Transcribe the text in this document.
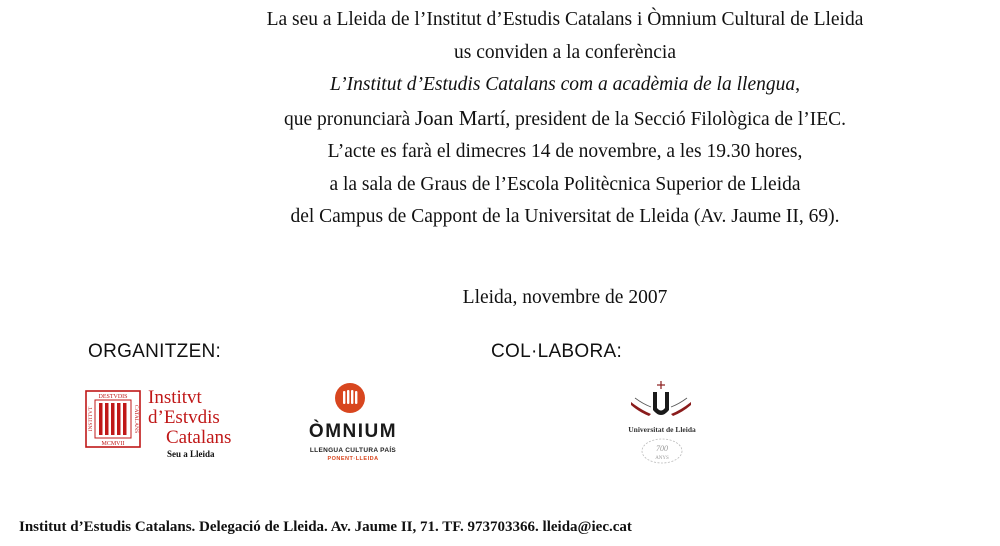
La seu a Lleida de l’Institut d’Estudis Catalans i Òmnium Cultural de Lleida

us conviden a la conferència

L’Institut d’Estudis Catalans com a acadèmia de la llengua,

que pronunciarà Joan Martí, president de la Secció Filològica de l’IEC.

L’acte es farà el dimecres 14 de novembre, a les 19.30 hores,

a la sala de Graus de l’Escola Politècnica Superior de Lleida

del Campus de Cappont de la Universitat de Lleida (Av. Jaume II, 69).

Lleida, novembre de 2007
ORGANITZEN:	COL·LABORA:
DESTVDIS
MCMVII
INSTITVT	CATALANS
Institvt
d’Estvdis
Catalans
Seu a Lleida
ÒMNIUM
LLENGUA CULTURA PAÍS
PONENT·LLEIDA
Universitat de Lleida
700
ANYS
Institut d’Estudis Catalans. Delegació de Lleida. Av. Jaume II, 71. TF. 973703366. lleida@iec.cat
